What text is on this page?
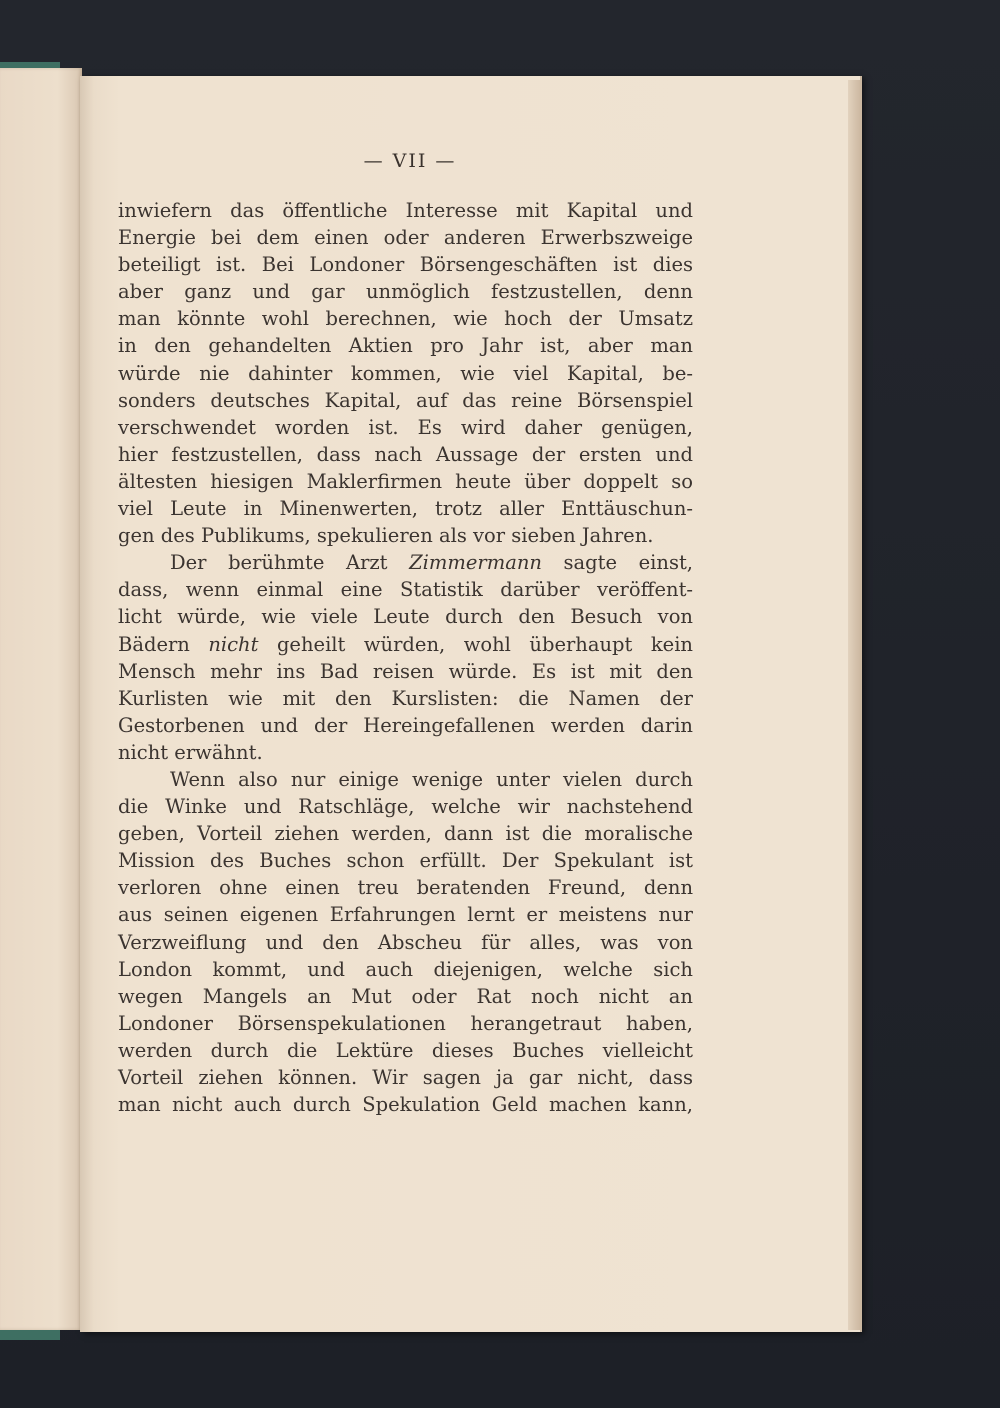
— VII —
inwiefern das öffentliche Interesse mit Kapital und
Energie bei dem einen oder anderen Erwerbszweige
beteiligt ist. Bei Londoner Börsengeschäften ist dies
aber ganz und gar unmöglich festzustellen, denn
man könnte wohl berechnen, wie hoch der Umsatz
in den gehandelten Aktien pro Jahr ist, aber man
würde nie dahinter kommen, wie viel Kapital, be-
sonders deutsches Kapital, auf das reine Börsenspiel
verschwendet worden ist. Es wird daher genügen,
hier festzustellen, dass nach Aussage der ersten und
ältesten hiesigen Maklerfirmen heute über doppelt so
viel Leute in Minenwerten, trotz aller Enttäuschun-
gen des Publikums, spekulieren als vor sieben Jahren.
Der berühmte Arzt Zimmermann sagte einst,
dass, wenn einmal eine Statistik darüber veröffent-
licht würde, wie viele Leute durch den Besuch von
Bädern nicht geheilt würden, wohl überhaupt kein
Mensch mehr ins Bad reisen würde. Es ist mit den
Kurlisten wie mit den Kurslisten: die Namen der
Gestorbenen und der Hereingefallenen werden darin
nicht erwähnt.
Wenn also nur einige wenige unter vielen durch
die Winke und Ratschläge, welche wir nachstehend
geben, Vorteil ziehen werden, dann ist die moralische
Mission des Buches schon erfüllt. Der Spekulant ist
verloren ohne einen treu beratenden Freund, denn
aus seinen eigenen Erfahrungen lernt er meistens nur
Verzweiflung und den Abscheu für alles, was von
London kommt, und auch diejenigen, welche sich
wegen Mangels an Mut oder Rat noch nicht an
Londoner Börsenspekulationen herangetraut haben,
werden durch die Lektüre dieses Buches vielleicht
Vorteil ziehen können. Wir sagen ja gar nicht, dass
man nicht auch durch Spekulation Geld machen kann,
